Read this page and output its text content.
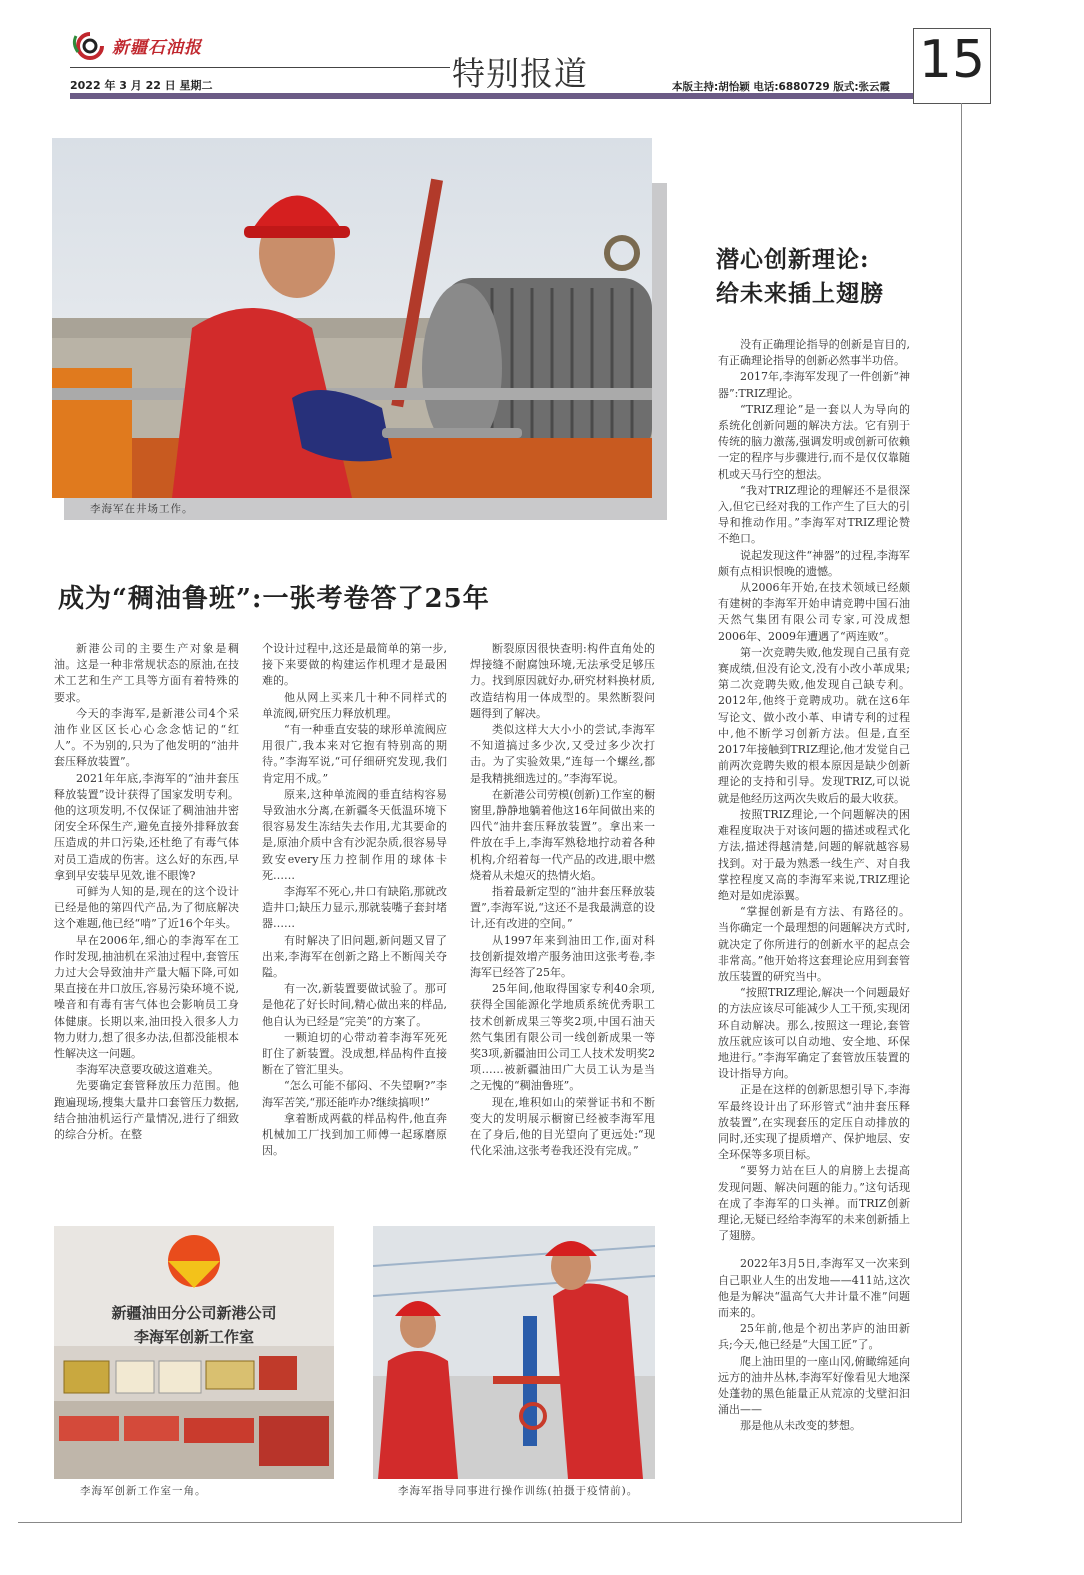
新疆石油报
2022 年 3 月 22 日 星期二	特别报道	本版主持:胡怡颖 电话:6880729 版式:张云霞 15
李海军在井场工作。
成为“稠油鲁班”:一张考卷答了25年
潜心创新理论:
给未来插上翅膀

新港公司的主要生产对象是稠油。这是一种非常规状态的原油,在技术工艺和生产工具等方面有着特殊的要求。

今天的李海军,是新港公司4个采油作业区区长心心念念惦记的“红人”。不为别的,只为了他发明的“油井套压释放装置”。

2021年年底,李海军的“油井套压释放装置”设计获得了国家发明专利。他的这项发明,不仅保证了稠油油井密闭安全环保生产,避免直接外排释放套压造成的井口污染,还杜绝了有毒气体对员工造成的伤害。这么好的东西,早拿到早安装早见效,谁不眼馋?

可鲜为人知的是,现在的这个设计已经是他的第四代产品,为了彻底解决这个难题,他已经“啃”了近16个年头。

早在2006年,细心的李海军在工作时发现,抽油机在采油过程中,套管压力过大会导致油井产量大幅下降,可如果直接在井口放压,容易污染环境不说,噪音和有毒有害气体也会影响员工身体健康。长期以来,油田投入很多人力物力财力,想了很多办法,但都没能根本性解决这一问题。

李海军决意要攻破这道难关。

先要确定套管释放压力范围。他跑遍现场,搜集大量井口套管压力数据,结合抽油机运行产量情况,进行了细致的综合分析。在整

个设计过程中,这还是最简单的第一步,接下来要做的构建运作机理才是最困难的。

他从网上买来几十种不同样式的单流阀,研究压力释放机理。

“有一种垂直安装的球形单流阀应用很广,我本来对它抱有特别高的期待。”李海军说,“可仔细研究发现,我们肯定用不成。”

原来,这种单流阀的垂直结构容易导致油水分离,在新疆冬天低温环境下很容易发生冻结失去作用,尤其要命的是,原油介质中含有沙泥杂质,很容易导致安every压力控制作用的球体卡死……

李海军不死心,井口有缺陷,那就改造井口;缺压力显示,那就装嘴子套封堵器……

有时解决了旧问题,新问题又冒了出来,李海军在创新之路上不断闯关夺隘。

有一次,新装置要做试验了。那可是他花了好长时间,精心做出来的样品,他自认为已经是“完美”的方案了。

一颗迫切的心带动着李海军死死盯住了新装置。没成想,样品构件直接断在了管汇里头。

“怎么可能不郁闷、不失望啊?”李海军苦笑,“那还能咋办?继续搞呗!”

拿着断成两截的样品构件,他直奔机械加工厂找到加工师傅一起琢磨原因。

断裂原因很快查明:构件直角处的焊接缝不耐腐蚀环境,无法承受足够压力。找到原因就好办,研究材料换材质,改造结构用一体成型的。果然断裂问题得到了解决。

类似这样大大小小的尝试,李海军不知道搞过多少次,又受过多少次打击。为了实验效果,“连每一个螺丝,都是我精挑细选过的。”李海军说。

在新港公司劳模(创新)工作室的橱窗里,静静地躺着他这16年间做出来的四代“油井套压释放装置”。拿出来一件放在手上,李海军熟稔地拧动着各种机构,介绍着每一代产品的改进,眼中燃烧着从未熄灭的热情火焰。

指着最新定型的“油井套压释放装置”,李海军说,“这还不是我最满意的设计,还有改进的空间。”

从1997年来到油田工作,面对科技创新提效增产服务油田这张考卷,李海军已经答了25年。

25年间,他取得国家专利40余项,获得全国能源化学地质系统优秀职工技术创新成果三等奖2项,中国石油天然气集团有限公司一线创新成果一等奖3项,新疆油田公司工人技术发明奖2项……被新疆油田广大员工认为是当之无愧的“稠油鲁班”。

现在,堆积如山的荣誉证书和不断变大的发明展示橱窗已经被李海军甩在了身后,他的目光望向了更远处:“现代化采油,这张考卷我还没有完成。”

没有正确理论指导的创新是盲目的,有正确理论指导的创新必然事半功倍。

2017年,李海军发现了一件创新“神器”:TRIZ理论。

“TRIZ理论”是一套以人为导向的系统化创新问题的解决方法。它有别于传统的脑力激荡,强调发明或创新可依赖一定的程序与步骤进行,而不是仅仅靠随机或天马行空的想法。

“我对TRIZ理论的理解还不是很深入,但它已经对我的工作产生了巨大的引导和推动作用。”李海军对TRIZ理论赞不绝口。

说起发现这件“神器”的过程,李海军颇有点相识恨晚的遗憾。

从2006年开始,在技术领域已经颇有建树的李海军开始申请竞聘中国石油天然气集团有限公司专家,可没成想2006年、2009年遭遇了“两连败”。

第一次竞聘失败,他发现自己虽有竞赛成绩,但没有论文,没有小改小革成果;第二次竞聘失败,他发现自己缺专利。2012年,他终于竞聘成功。就在这6年写论文、做小改小革、申请专利的过程中,他不断学习创新方法。但是,直至2017年接触到TRIZ理论,他才发觉自己前两次竞聘失败的根本原因是缺少创新理论的支持和引导。发现TRIZ,可以说就是他经历这两次失败后的最大收获。

按照TRIZ理论,一个问题解决的困难程度取决于对该问题的描述或程式化方法,描述得越清楚,问题的解就越容易找到。对于最为熟悉一线生产、对自我掌控程度又高的李海军来说,TRIZ理论绝对是如虎添翼。

“掌握创新是有方法、有路径的。当你确定一个最理想的问题解决方式时,就决定了你所进行的创新水平的起点会非常高。”他开始将这套理论应用到套管放压装置的研究当中。

“按照TRIZ理论,解决一个问题最好的方法应该尽可能减少人工干预,实现闭环自动解决。那么,按照这一理论,套管放压就应该可以自动地、安全地、环保地进行。”李海军确定了套管放压装置的设计指导方向。

正是在这样的创新思想引导下,李海军最终设计出了环形管式“油井套压释放装置”,在实现套压的定压自动排放的同时,还实现了提质增产、保护地层、安全环保等多项目标。

“要努力站在巨人的肩膀上去提高发现问题、解决问题的能力。”这句话现在成了李海军的口头禅。而TRIZ创新理论,无疑已经给李海军的未来创新插上了翅膀。

2022年3月5日,李海军又一次来到自己职业人生的出发地——411站,这次他是为解决“温高气大井计量不准”问题而来的。

25年前,他是个初出茅庐的油田新兵;今天,他已经是“大国工匠”了。

爬上油田里的一座山冈,俯瞰绵延向远方的油井丛林,李海军好像看见大地深处蓬勃的黑色能量正从荒凉的戈壁汩汩涌出——

那是他从未改变的梦想。

新疆油田分公司新港公司
李海军创新工作室
李海军创新工作室一角。	李海军指导同事进行操作训练(拍摄于疫情前)。
